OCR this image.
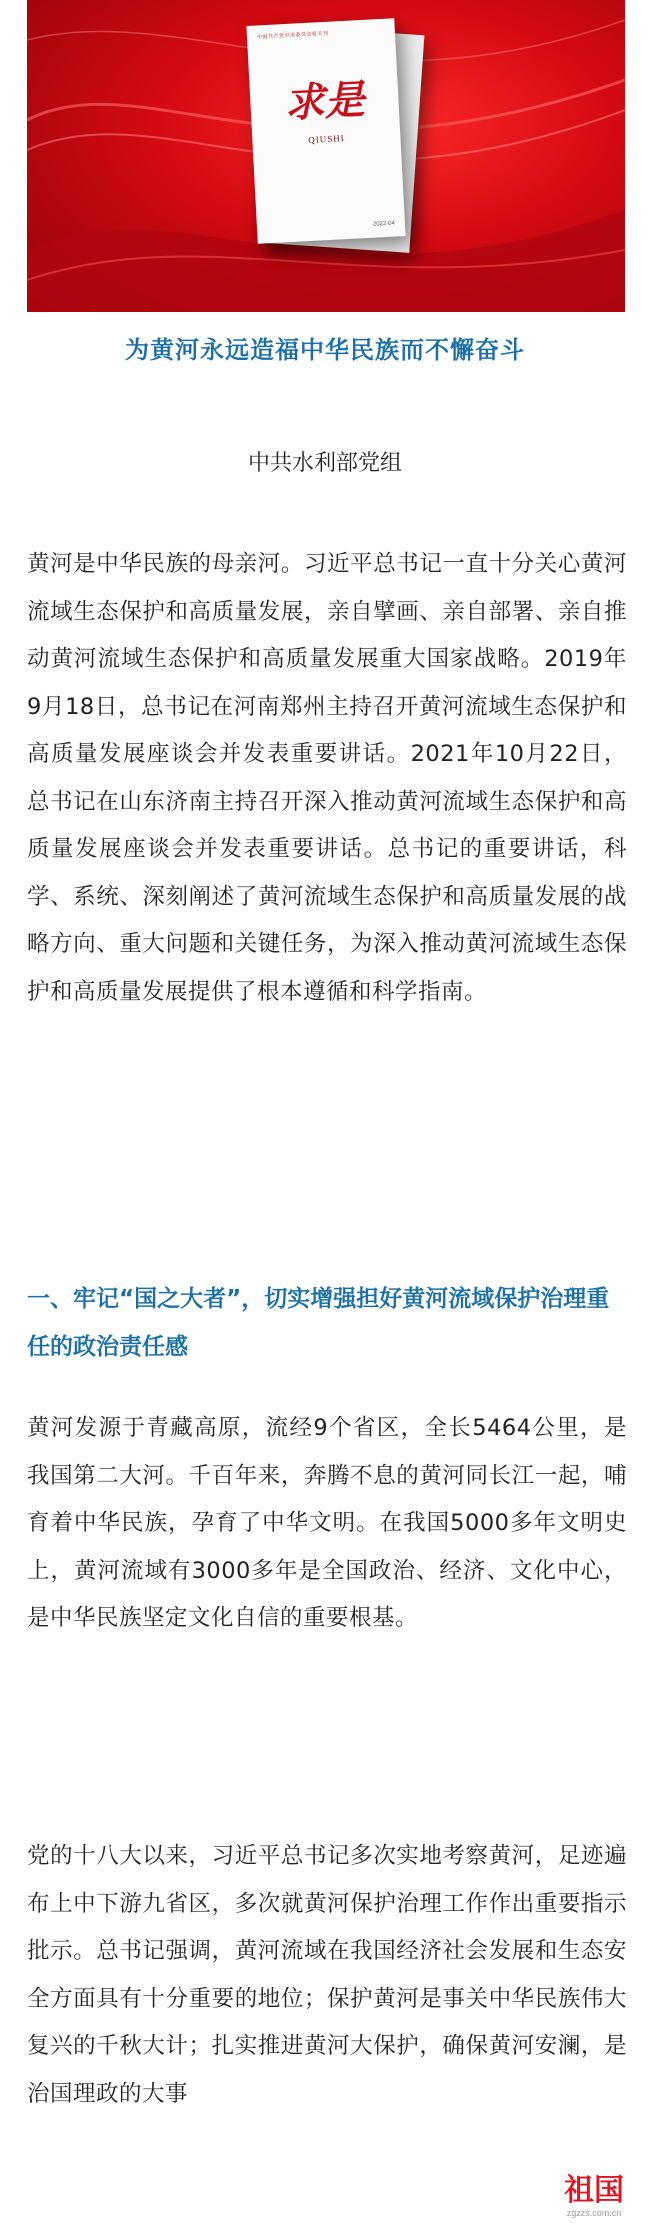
中国共产党中央委员会机关刊
求是
QIUSHI
2022·04
为黄河永远造福中华民族而不懈奋斗
中共水利部党组
黄河是中华民族的母亲河。习近平总书记一直十分关心黄河流域生态保护和高质量发展，亲自擘画、亲自部署、亲自推动黄河流域生态保护和高质量发展重大国家战略。2019年9月18日，总书记在河南郑州主持召开黄河流域生态保护和高质量发展座谈会并发表重要讲话。2021年10月22日，总书记在山东济南主持召开深入推动黄河流域生态保护和高质量发展座谈会并发表重要讲话。总书记的重要讲话，科学、系统、深刻阐述了黄河流域生态保护和高质量发展的战略方向、重大问题和关键任务，为深入推动黄河流域生态保护和高质量发展提供了根本遵循和科学指南。
一、牢记“国之大者”，切实增强担好黄河流域保护治理重任的政治责任感
黄河发源于青藏高原，流经9个省区，全长5464公里，是我国第二大河。千百年来，奔腾不息的黄河同长江一起，哺育着中华民族，孕育了中华文明。在我国5000多年文明史上，黄河流域有3000多年是全国政治、经济、文化中心，是中华民族坚定文化自信的重要根基。
党的十八大以来，习近平总书记多次实地考察黄河，足迹遍布上中下游九省区，多次就黄河保护治理工作作出重要指示批示。总书记强调，黄河流域在我国经济社会发展和生态安全方面具有十分重要的地位；保护黄河是事关中华民族伟大复兴的千秋大计；扎实推进黄河大保护，确保黄河安澜，是治国理政的大事
祖国
zgzzs.com.cn
